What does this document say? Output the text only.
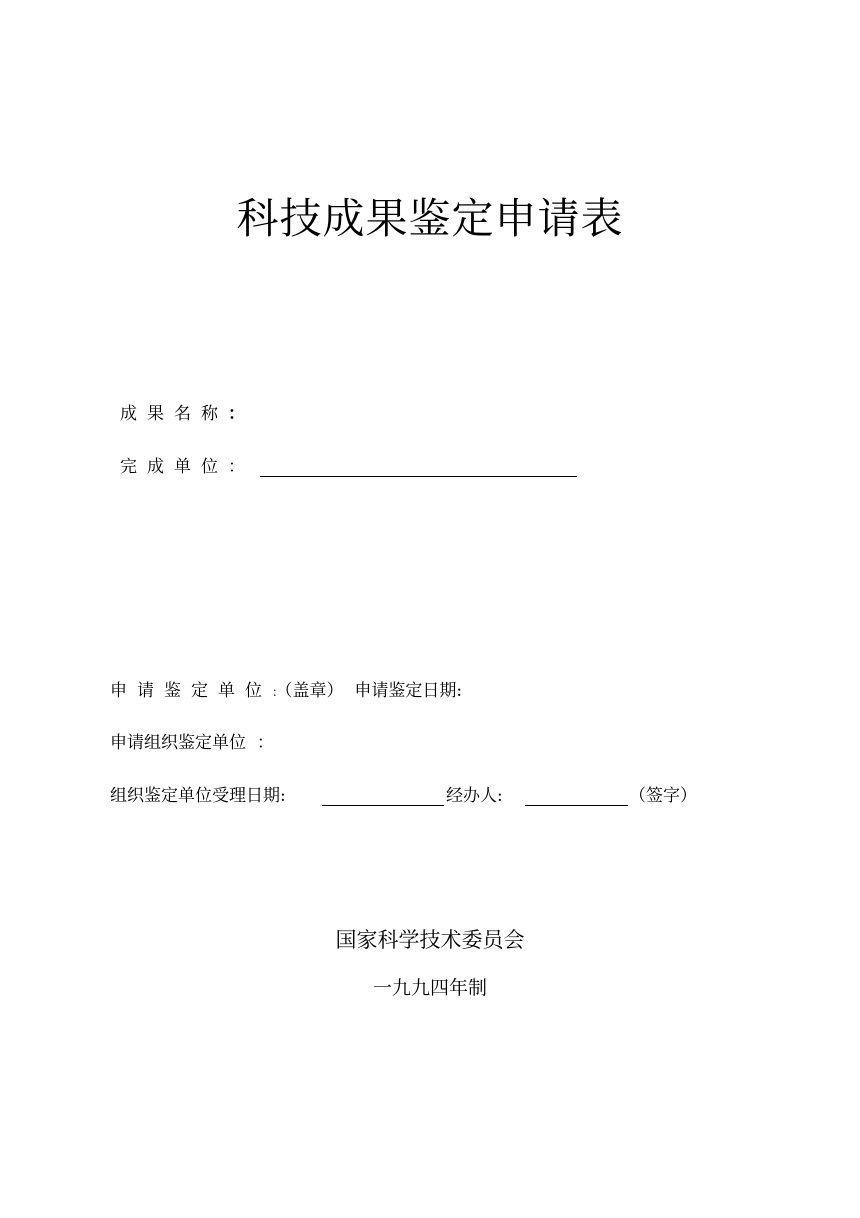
科技成果鉴定申请表
成果名称：
完成单位：
申请鉴定单位：（盖章） 申请鉴定日期:
申请组织鉴定单位 ：
组织鉴定单位受理日期:	经办人:	（签字）
国家科学技术委员会
一九九四年制
